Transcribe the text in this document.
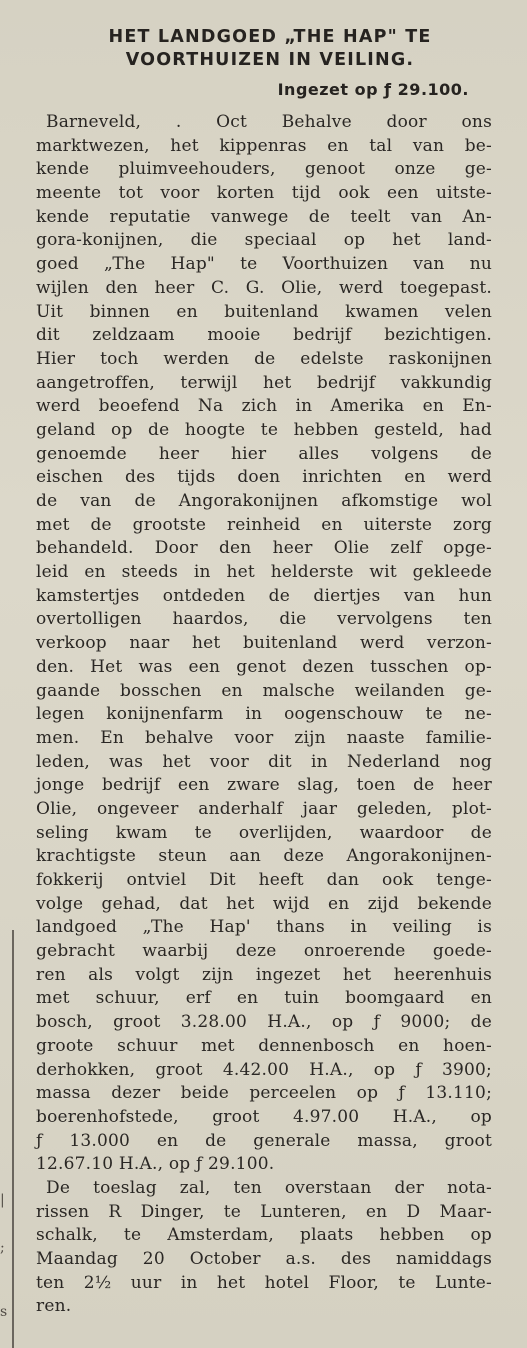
HET LANDGOED „THE HAP" TE
VOORTHUIZEN IN VEILING.
Ingezet op ƒ 29.100.
Barneveld, . Oct Behalve door ons
marktwezen, het kippenras en tal van be-
kende pluimveehouders, genoot onze ge-
meente tot voor korten tijd ook een uitste-
kende reputatie vanwege de teelt van An-
gora-konijnen, die speciaal op het land-
goed „The Hap" te Voorthuizen van nu
wijlen den heer C. G. Olie, werd toegepast.
Uit binnen en buitenland kwamen velen
dit zeldzaam mooie bedrijf bezichtigen.
Hier toch werden de edelste raskonijnen
aangetroffen, terwijl het bedrijf vakkundig
werd beoefend Na zich in Amerika en En-
geland op de hoogte te hebben gesteld, had
genoemde heer hier alles volgens de
eischen des tijds doen inrichten en werd
de van de Angorakonijnen afkomstige wol
met de grootste reinheid en uiterste zorg
behandeld. Door den heer Olie zelf opge-
leid en steeds in het helderste wit gekleede
kamstertjes ontdeden de diertjes van hun
overtolligen haardos, die vervolgens ten
verkoop naar het buitenland werd verzon-
den. Het was een genot dezen tusschen op-
gaande bosschen en malsche weilanden ge-
legen konijnenfarm in oogenschouw te ne-
men. En behalve voor zijn naaste familie-
leden, was het voor dit in Nederland nog
jonge bedrijf een zware slag, toen de heer
Olie, ongeveer anderhalf jaar geleden, plot-
seling kwam te overlijden, waardoor de
krachtigste steun aan deze Angorakonijnen-
fokkerij ontviel Dit heeft dan ook tenge-
volge gehad, dat het wijd en zijd bekende
landgoed „The Hap' thans in veiling is
gebracht waarbij deze onroerende goede-
ren als volgt zijn ingezet het heerenhuis
met schuur, erf en tuin boomgaard en
bosch, groot 3.28.00 H.A., op ƒ 9000; de
groote schuur met dennenbosch en hoen-
derhokken, groot 4.42.00 H.A., op ƒ 3900;
massa dezer beide perceelen op ƒ 13.110;
boerenhofstede, groot 4.97.00 H.A., op
ƒ 13.000 en de generale massa, groot
12.67.10 H.A., op ƒ 29.100.
De toeslag zal, ten overstaan der nota-
rissen R Dinger, te Lunteren, en D Maar-
schalk, te Amsterdam, plaats hebben op
Maandag 20 October a.s. des namiddags
ten 2½ uur in het hotel Floor, te Lunte-
ren.
|
;
s
